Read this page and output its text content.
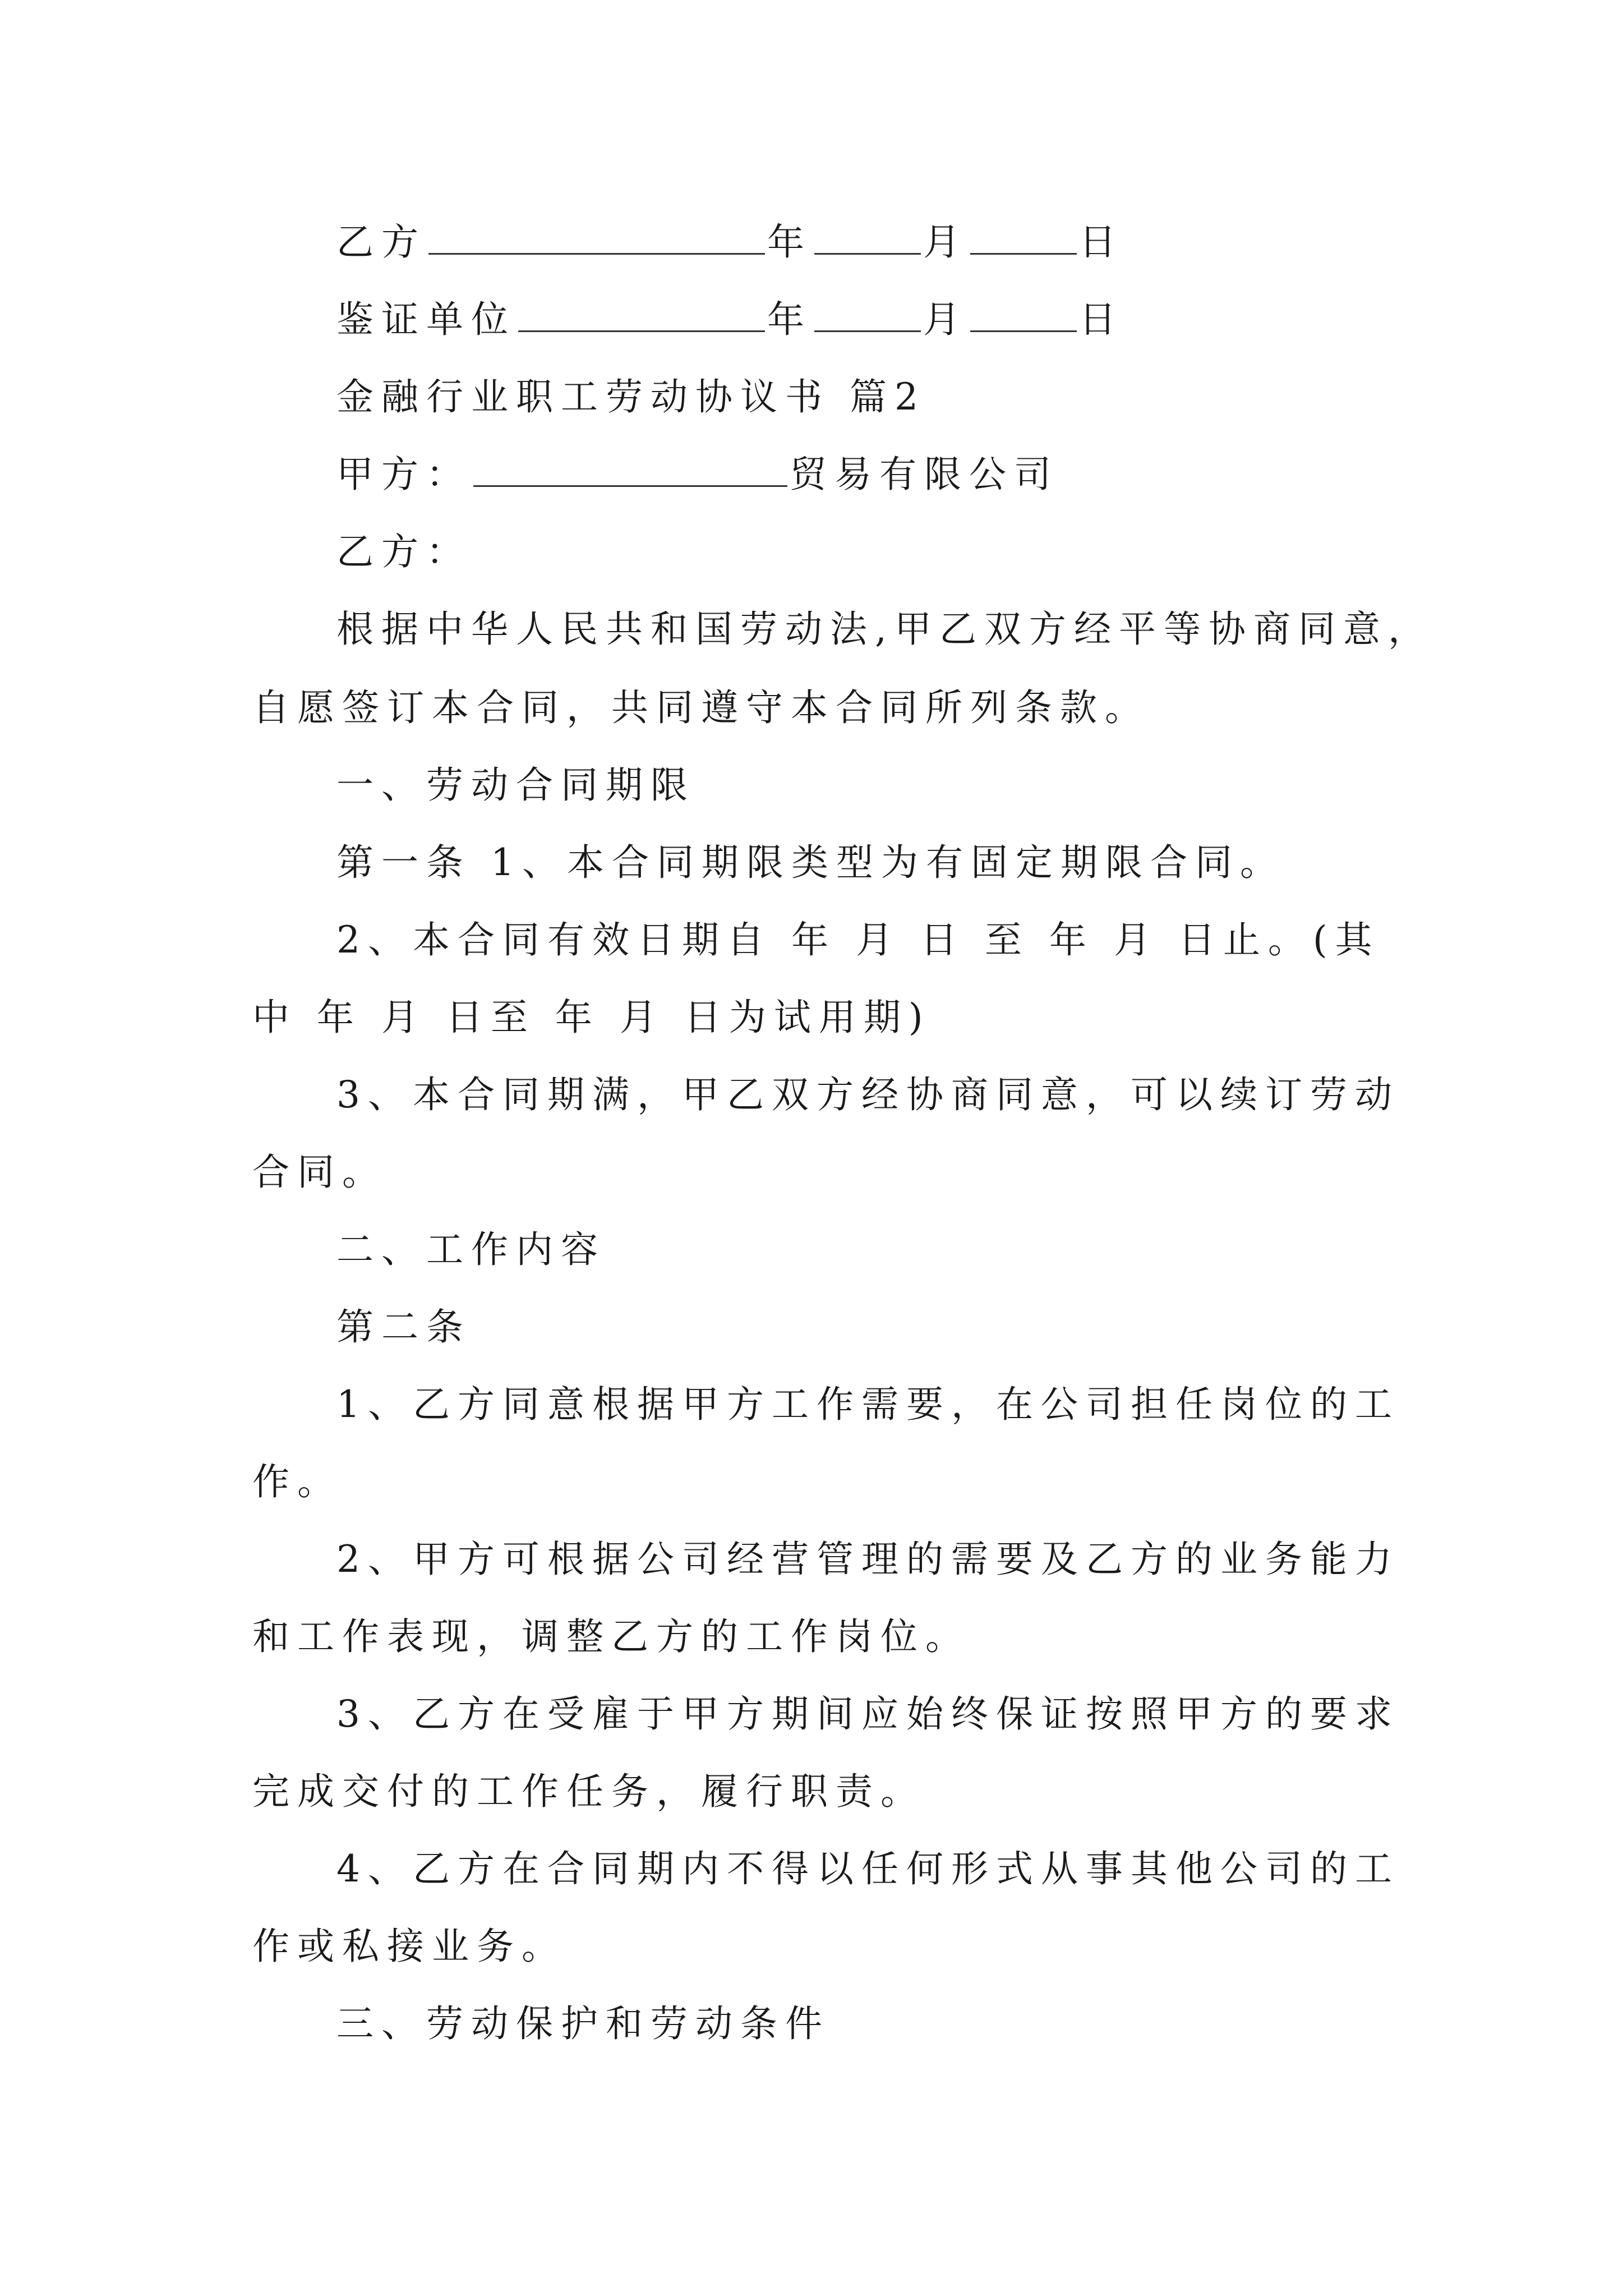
乙方	年	月	日
鉴证单位	年	月	日
金融行业职工劳动协议书 篇2
甲方：	贸易有限公司
乙方：
根据中华人民共和国劳动法,甲乙双方经平等协商同意，
自愿签订本合同，共同遵守本合同所列条款。
一、劳动合同期限
第一条 1、本合同期限类型为有固定期限合同。
2、本合同有效日期自 年 月 日 至 年 月 日止。(其
中 年 月 日至 年 月 日为试用期)
3、本合同期满，甲乙双方经协商同意，可以续订劳动
合同。
二、工作内容
第二条
1、乙方同意根据甲方工作需要，在公司担任岗位的工
作。
2、甲方可根据公司经营管理的需要及乙方的业务能力
和工作表现，调整乙方的工作岗位。
3、乙方在受雇于甲方期间应始终保证按照甲方的要求
完成交付的工作任务，履行职责。
4、乙方在合同期内不得以任何形式从事其他公司的工
作或私接业务。
三、劳动保护和劳动条件
